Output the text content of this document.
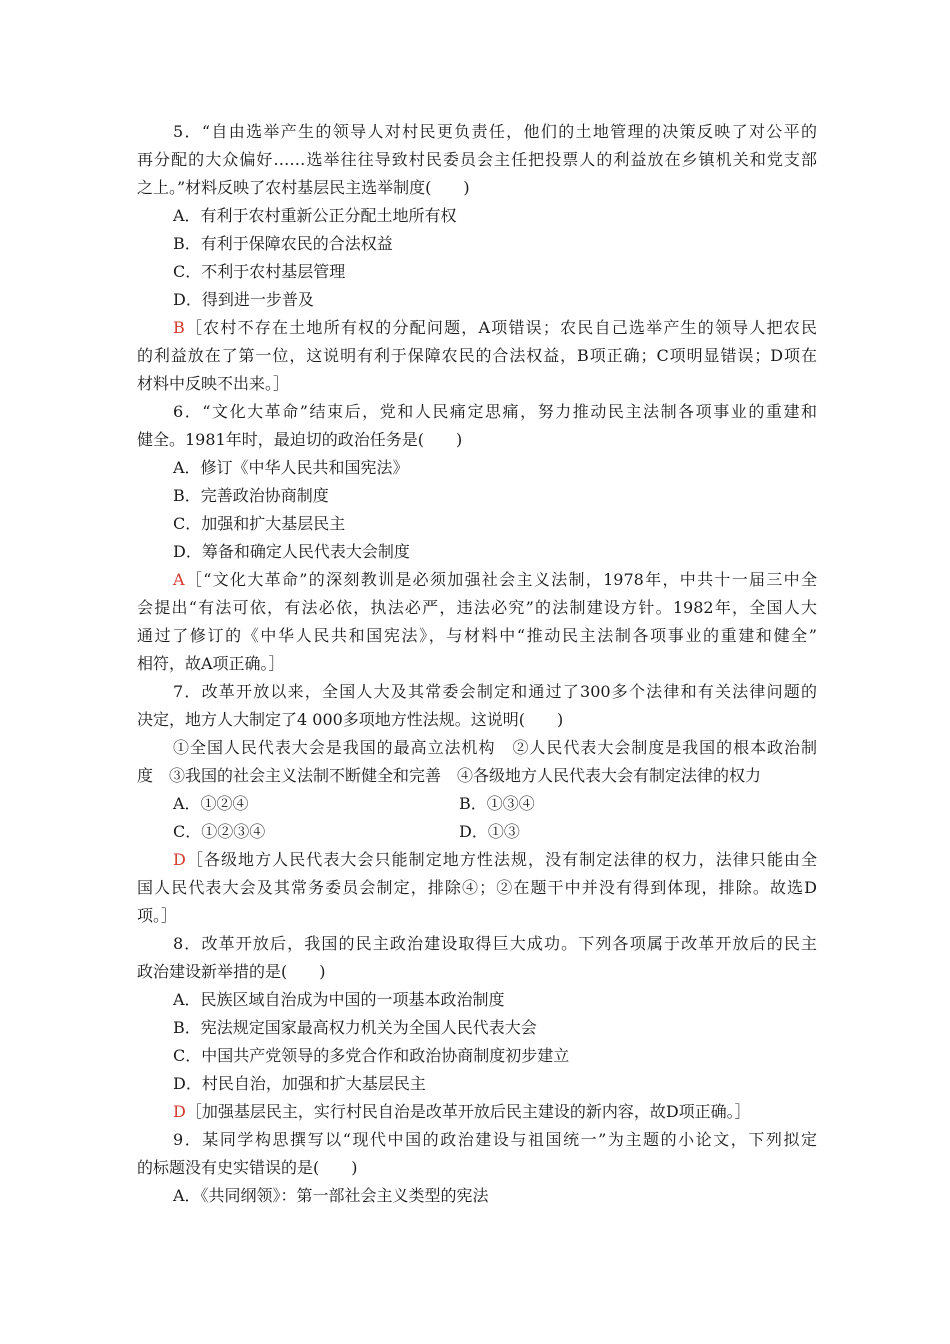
5．“自由选举产生的领导人对村民更负责任，他们的土地管理的决策反映了对公平的
再分配的大众偏好……选举往往导致村民委员会主任把投票人的利益放在乡镇机关和党支部
之上。”材料反映了农村基层民主选举制度(　　)
A．有利于农村重新公正分配土地所有权
B．有利于保障农民的合法权益
C．不利于农村基层管理
D．得到进一步普及
B［农村不存在土地所有权的分配问题，A项错误；农民自己选举产生的领导人把农民
的利益放在了第一位，这说明有利于保障农民的合法权益，B项正确；C项明显错误；D项在
材料中反映不出来。］
6．“文化大革命”结束后，党和人民痛定思痛，努力推动民主法制各项事业的重建和
健全。1981年时，最迫切的政治任务是(　　)
A．修订《中华人民共和国宪法》
B．完善政治协商制度
C．加强和扩大基层民主
D．筹备和确定人民代表大会制度
A［“文化大革命”的深刻教训是必须加强社会主义法制，1978年，中共十一届三中全
会提出“有法可依，有法必依，执法必严，违法必究”的法制建设方针。1982年，全国人大
通过了修订的《中华人民共和国宪法》，与材料中“推动民主法制各项事业的重建和健全”
相符，故A项正确。］
7．改革开放以来，全国人大及其常委会制定和通过了300多个法律和有关法律问题的
决定，地方人大制定了4 000多项地方性法规。这说明(　　)
①全国人民代表大会是我国的最高立法机构　②人民代表大会制度是我国的根本政治制
度　③我国的社会主义法制不断健全和完善　④各级地方人民代表大会有制定法律的权力
A．①②④	B．①③④
C．①②③④	D．①③
D［各级地方人民代表大会只能制定地方性法规，没有制定法律的权力，法律只能由全
国人民代表大会及其常务委员会制定，排除④；②在题干中并没有得到体现，排除。故选D
项。］
8．改革开放后，我国的民主政治建设取得巨大成功。下列各项属于改革开放后的民主
政治建设新举措的是(　　)
A．民族区域自治成为中国的一项基本政治制度
B．宪法规定国家最高权力机关为全国人民代表大会
C．中国共产党领导的多党合作和政治协商制度初步建立
D．村民自治，加强和扩大基层民主
D［加强基层民主，实行村民自治是改革开放后民主建设的新内容，故D项正确。］
9．某同学构思撰写以“现代中国的政治建设与祖国统一”为主题的小论文，下列拟定
的标题没有史实错误的是(　　)
A．《共同纲领》：第一部社会主义类型的宪法
